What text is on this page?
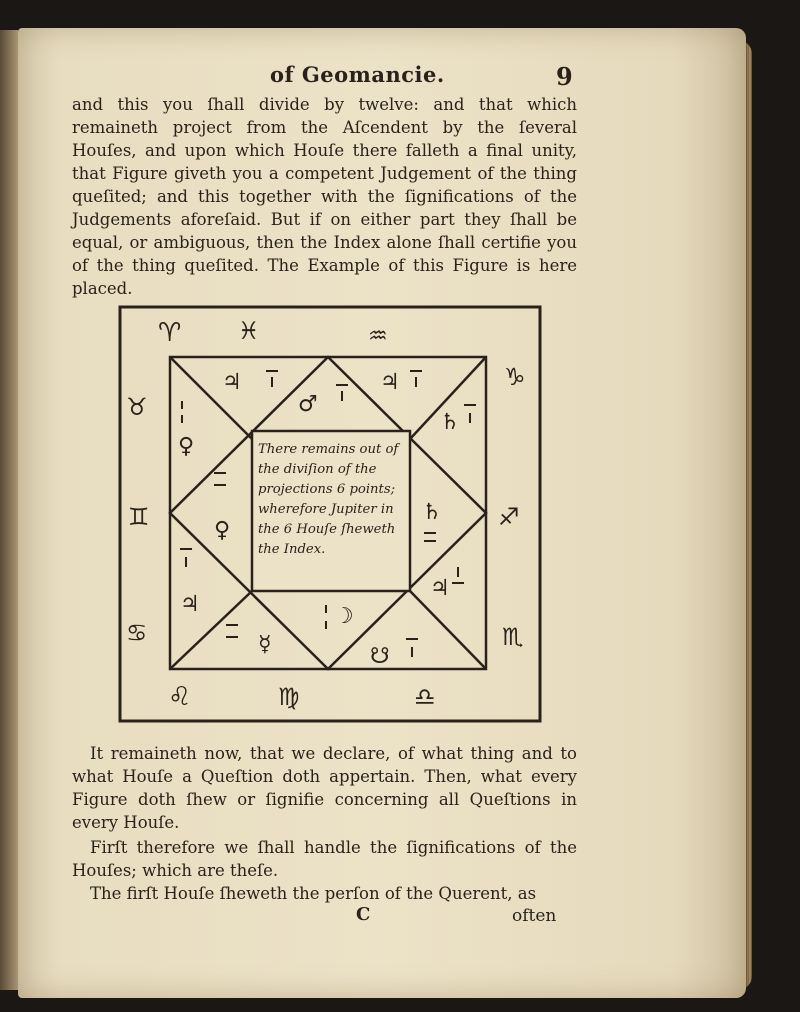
of Geomancie.	9
and this you ſhall divide by twelve: and that which remaineth project from the Aſcendent by the ſeveral Houſes, and upon which Houſe there falleth a final unity, that Figure giveth you a competent Judgement of the thing queſited; and this together with the ſignifications of the Judgements aforeſaid. But if on either part they ſhall be equal, or ambiguous, then the Index alone ſhall certifie you of the thing queſited. The Example of this Figure is here placed.
♈ ♓	♒
♑
♐
♏
♌	♍	♎
♉
♊
♋
♃
♂
♃
♄
♀
♀
♄
♃
♃
☿
☽
☋
There remains out of the diviſion of the projections 6 points; wherefore Jupiter in the 6 Houſe ſheweth the Index.
It remaineth now, that we declare, of what thing and to what Houſe a Queſtion doth appertain. Then, what every Figure doth ſhew or ſignifie concerning all Queſtions in every Houſe.
Firſt therefore we ſhall handle the ſignifications of the Houſes; which are theſe.
The firſt Houſe ſheweth the perſon of the Querent, as
C	often
